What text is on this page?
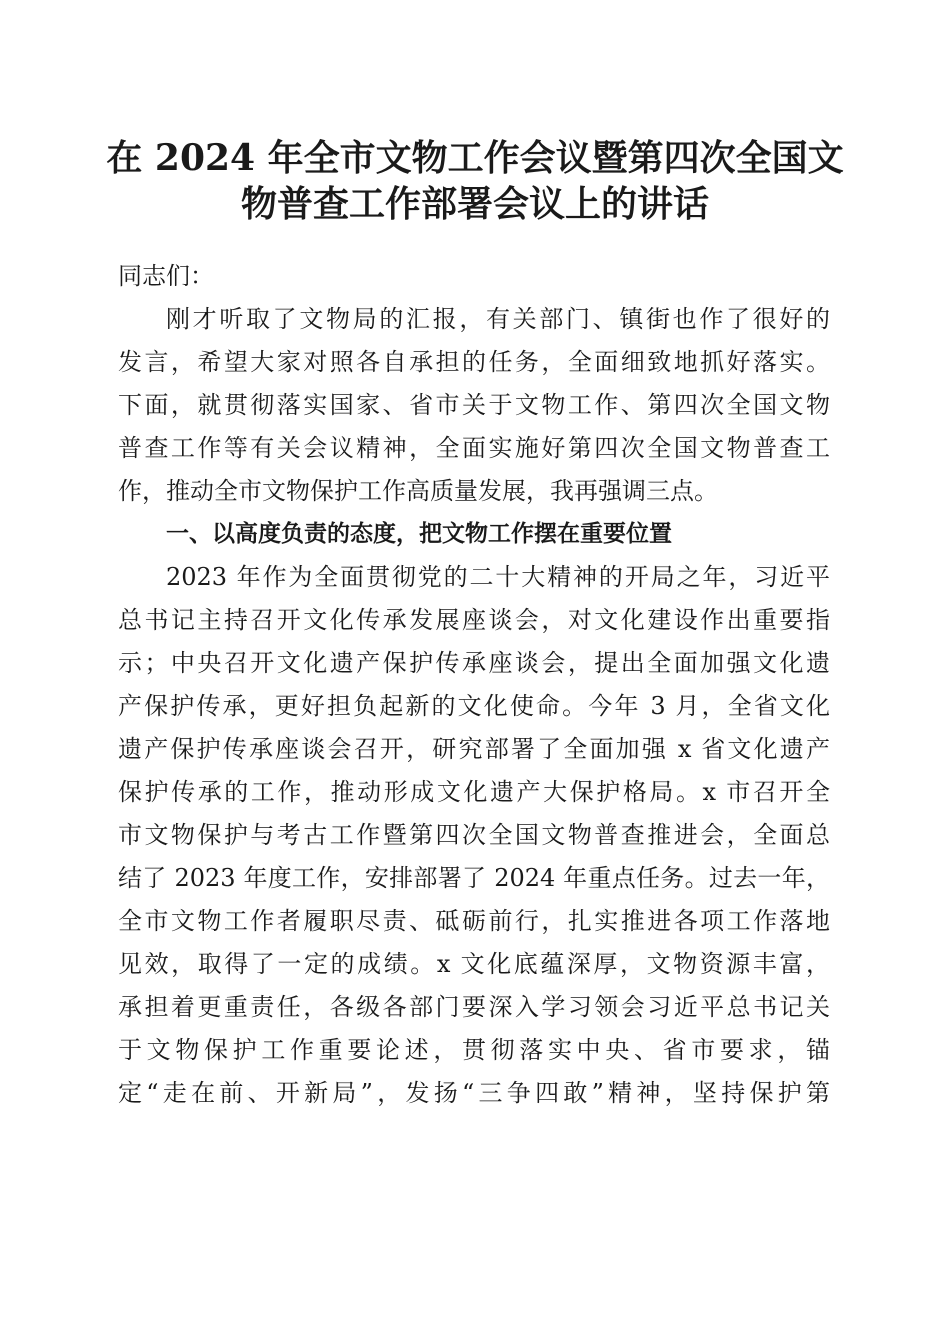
在 2024 年全市文物工作会议暨第四次全国文
物普查工作部署会议上的讲话
同志们：
刚才听取了文物局的汇报，有关部门、镇街也作了很好的
发言，希望大家对照各自承担的任务，全面细致地抓好落实。
下面，就贯彻落实国家、省市关于文物工作、第四次全国文物
普查工作等有关会议精神，全面实施好第四次全国文物普查工
作，推动全市文物保护工作高质量发展，我再强调三点。
一、以高度负责的态度，把文物工作摆在重要位置
2023 年作为全面贯彻党的二十大精神的开局之年，习近平
总书记主持召开文化传承发展座谈会，对文化建设作出重要指
示；中央召开文化遗产保护传承座谈会，提出全面加强文化遗
产保护传承，更好担负起新的文化使命。今年 3 月，全省文化
遗产保护传承座谈会召开，研究部署了全面加强 x 省文化遗产
保护传承的工作，推动形成文化遗产大保护格局。x 市召开全
市文物保护与考古工作暨第四次全国文物普查推进会，全面总
结了 2023 年度工作，安排部署了 2024 年重点任务。过去一年，
全市文物工作者履职尽责、砥砺前行，扎实推进各项工作落地
见效，取得了一定的成绩。x 文化底蕴深厚，文物资源丰富，
承担着更重责任，各级各部门要深入学习领会习近平总书记关
于文物保护工作重要论述，贯彻落实中央、省市要求，锚
定“走在前、开新局”，发扬“三争四敢”精神，坚持保护第
